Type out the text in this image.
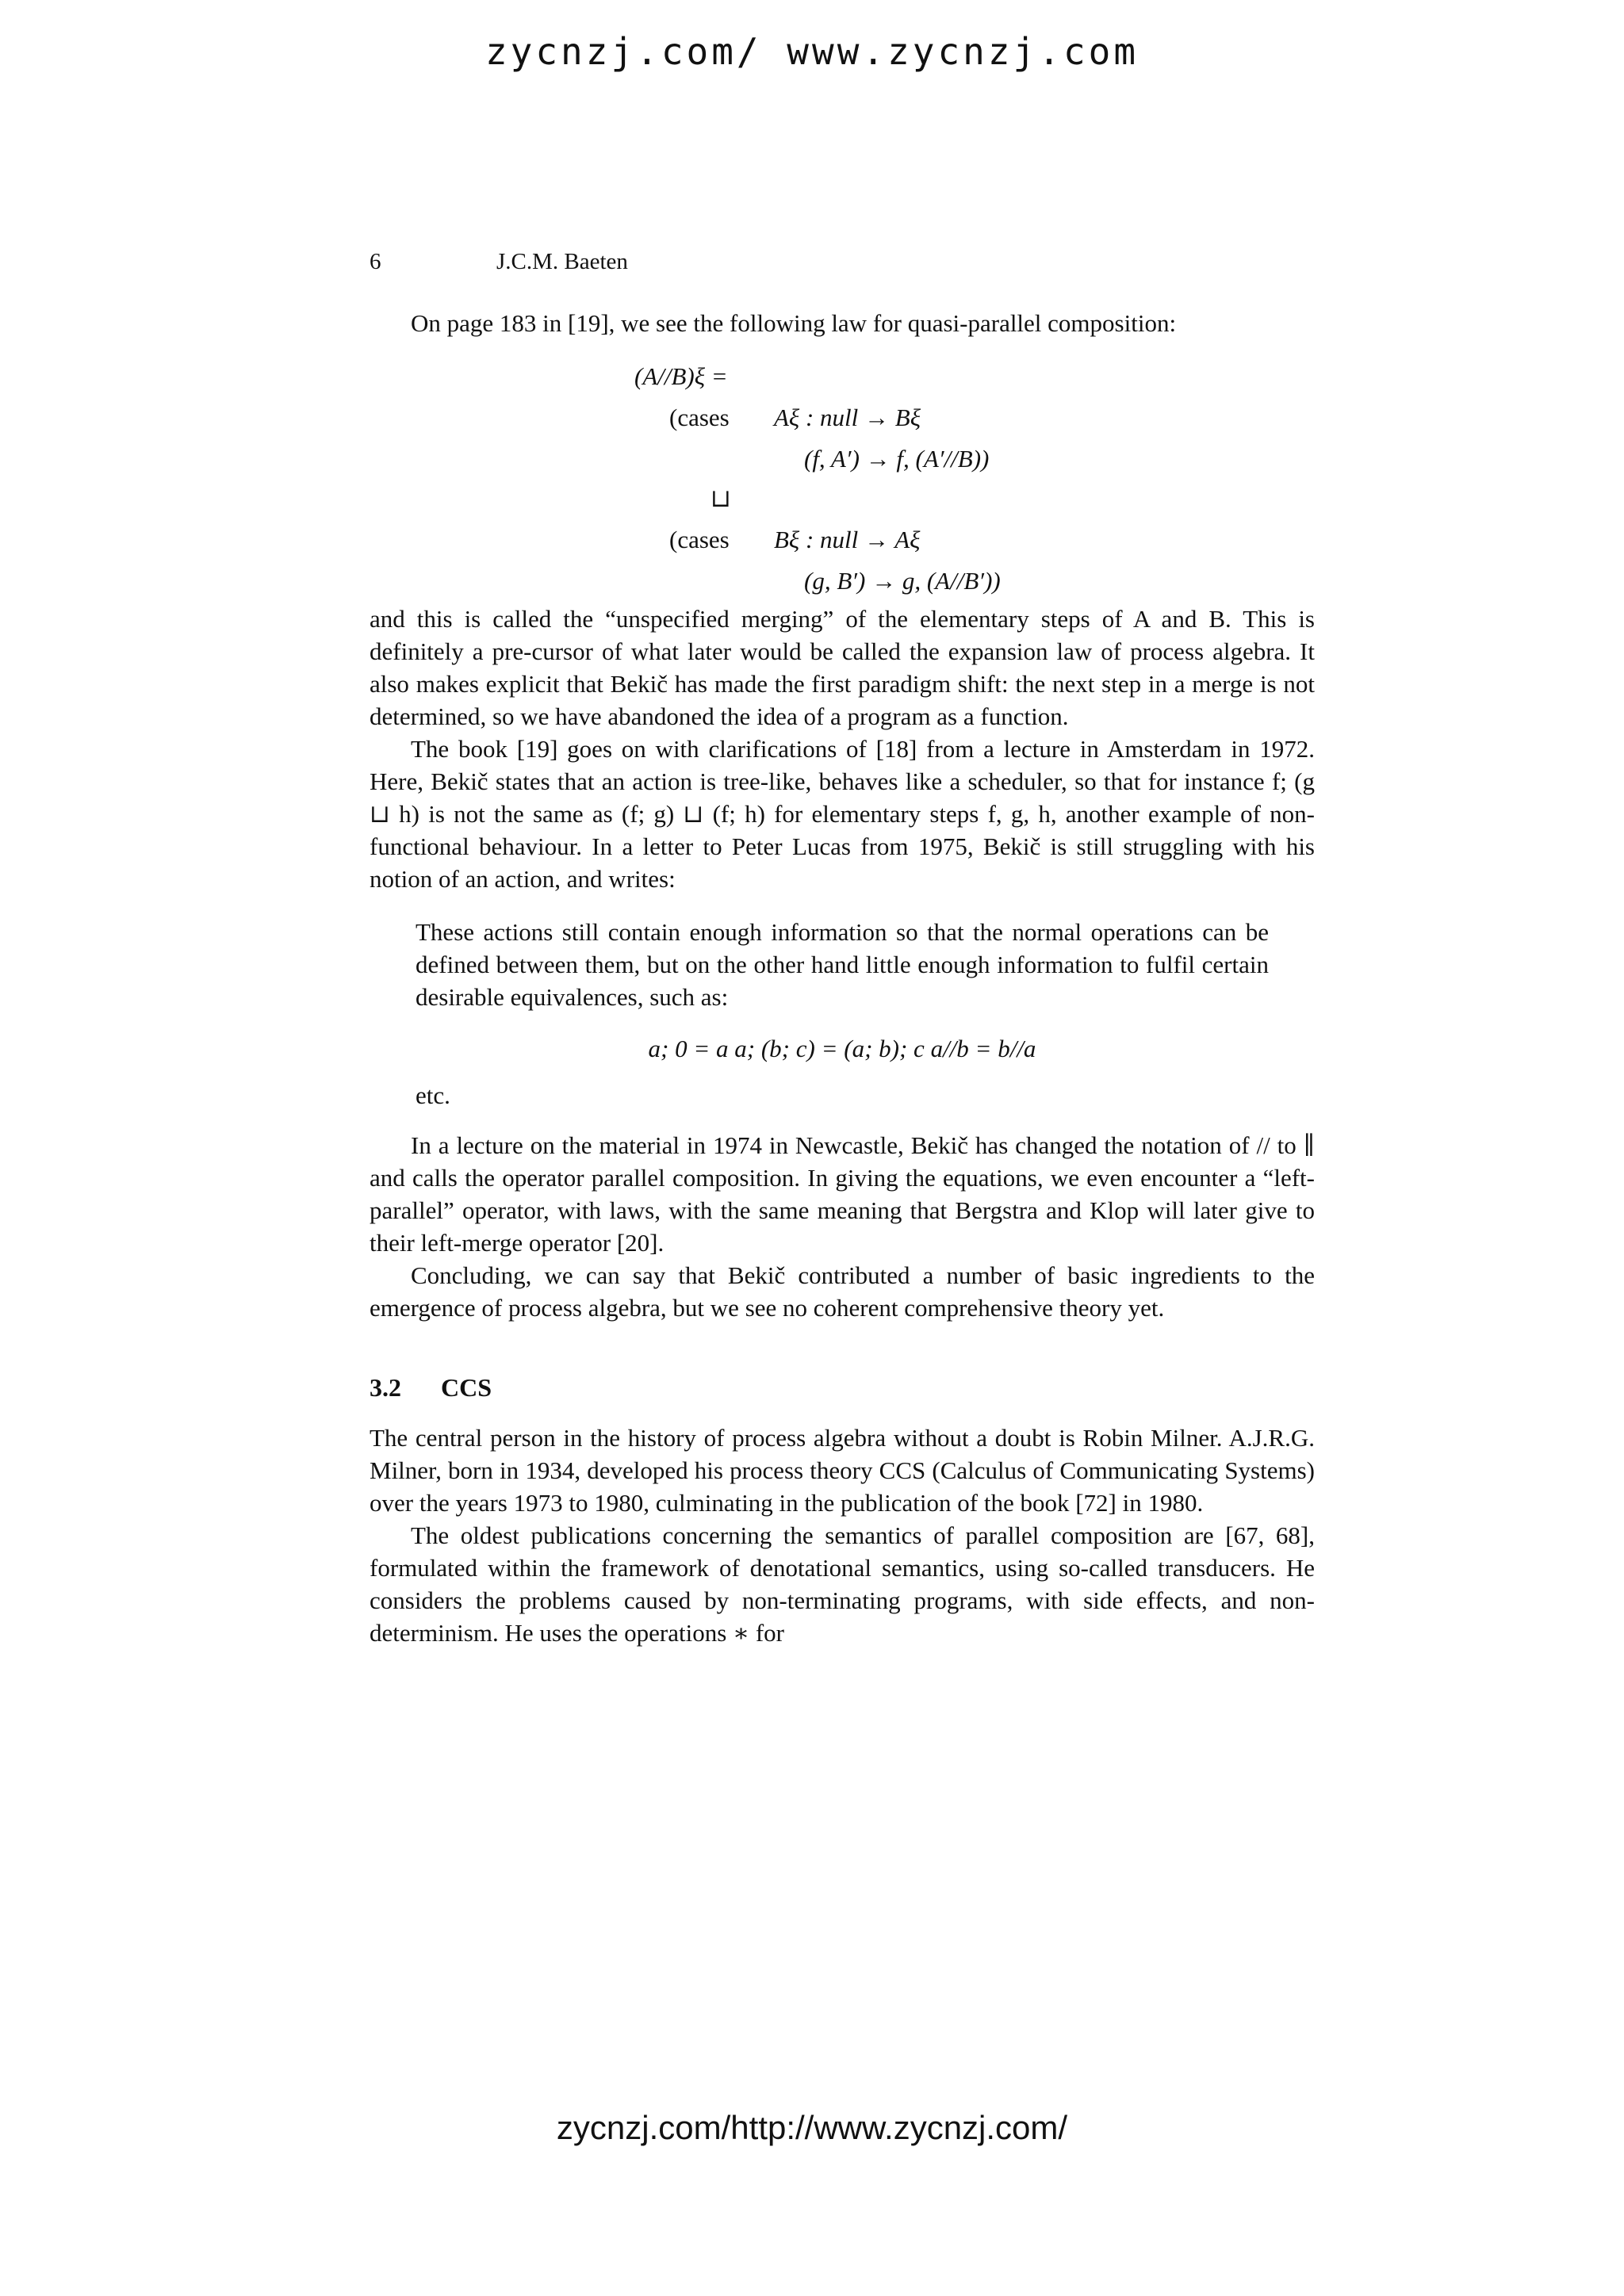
zycnzj.com/ www.zycnzj.com
6	J.C.M. Baeten

On page 183 in [19], we see the following law for quasi-parallel composition:

(A//B)ξ =
(cases Aξ : null → Bξ
(f, A′) → f, (A′//B))
⊔
(cases Bξ : null → Aξ
(g, B′) → g, (A//B′))

and this is called the “unspecified merging” of the elementary steps of A and B. This is definitely a pre-cursor of what later would be called the expansion law of process algebra. It also makes explicit that Bekič has made the first paradigm shift: the next step in a merge is not determined, so we have abandoned the idea of a program as a function.

The book [19] goes on with clarifications of [18] from a lecture in Amsterdam in 1972. Here, Bekič states that an action is tree-like, behaves like a scheduler, so that for instance f; (g ⊔ h) is not the same as (f; g) ⊔ (f; h) for elementary steps f, g, h, another example of non-functional behaviour. In a letter to Peter Lucas from 1975, Bekič is still struggling with his notion of an action, and writes:

These actions still contain enough information so that the normal operations can be defined between them, but on the other hand little enough information to fulfil certain desirable equivalences, such as:

a; 0 = a a; (b; c) = (a; b); c a//b = b//a
etc.

In a lecture on the material in 1974 in Newcastle, Bekič has changed the notation of // to ∥ and calls the operator parallel composition. In giving the equations, we even encounter a “left-parallel” operator, with laws, with the same meaning that Bergstra and Klop will later give to their left-merge operator [20].

Concluding, we can say that Bekič contributed a number of basic ingredients to the emergence of process algebra, but we see no coherent comprehensive theory yet.

3.2 CCS

The central person in the history of process algebra without a doubt is Robin Milner. A.J.R.G. Milner, born in 1934, developed his process theory CCS (Calculus of Communicating Systems) over the years 1973 to 1980, culminating in the publication of the book [72] in 1980.

The oldest publications concerning the semantics of parallel composition are [67, 68], formulated within the framework of denotational semantics, using so-called transducers. He considers the problems caused by non-terminating programs, with side effects, and non-determinism. He uses the operations ∗ for

zycnzj.com/http://www.zycnzj.com/
